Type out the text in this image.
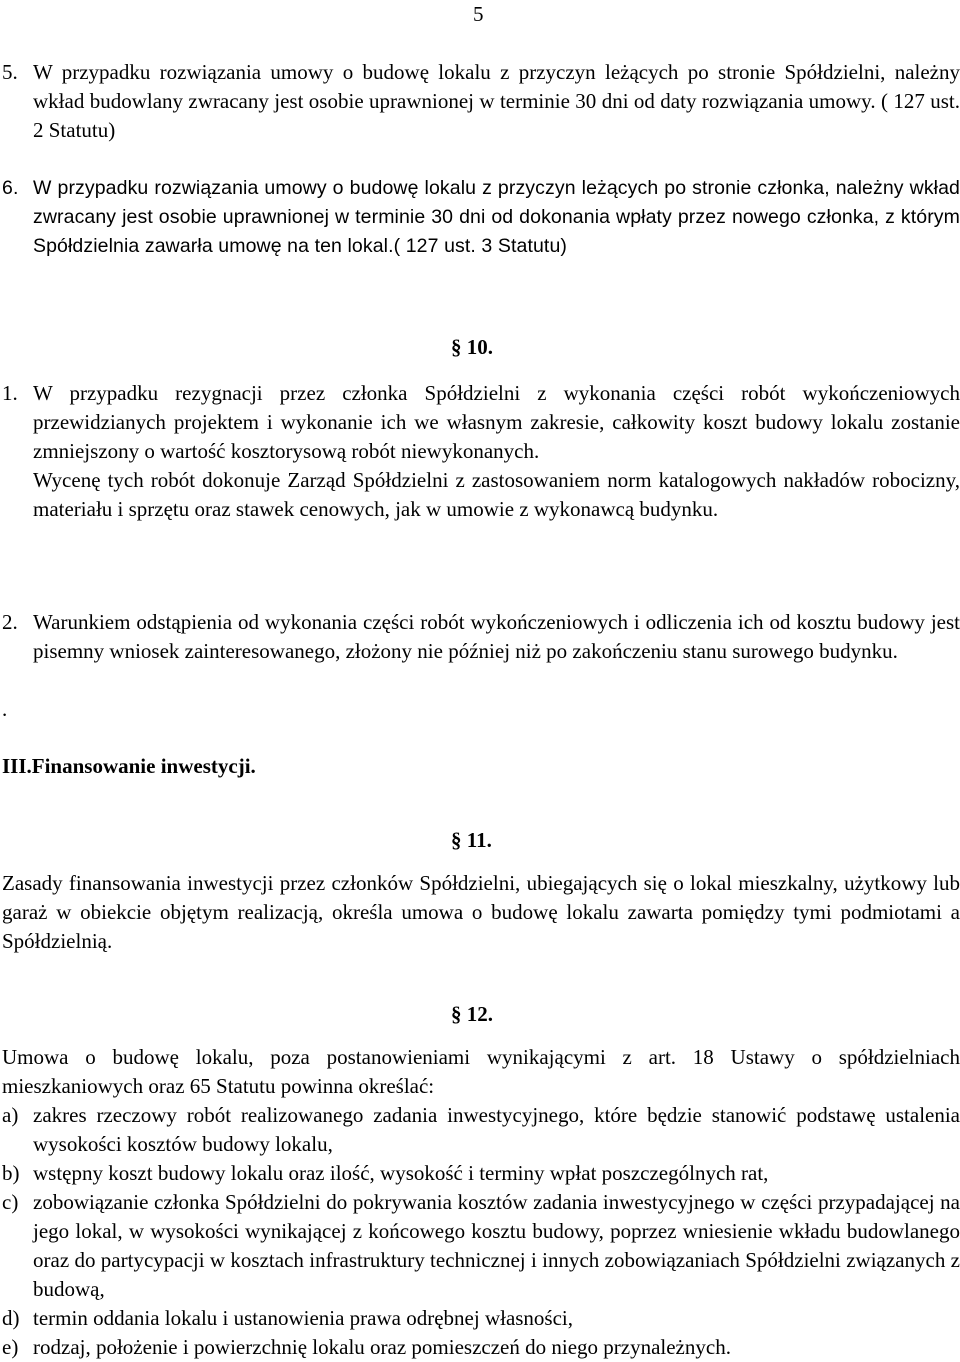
5
5. W przypadku rozwiązania umowy o budowę lokalu z przyczyn leżących po stronie Spółdzielni, należny wkład budowlany zwracany jest osobie uprawnionej w terminie 30 dni od daty rozwiązania umowy. ( 127 ust. 2 Statutu)
6. W przypadku rozwiązania umowy o budowę lokalu z przyczyn leżących po stronie członka, należny wkład zwracany jest osobie uprawnionej w terminie 30 dni od dokonania wpłaty przez nowego członka, z którym Spółdzielnia zawarła umowę na ten lokal.( 127 ust. 3 Statutu)
§ 10.
1. W przypadku rezygnacji przez członka Spółdzielni z wykonania części robót wykończeniowych przewidzianych projektem i wykonanie ich we własnym zakresie, całkowity koszt budowy lokalu zostanie zmniejszony o wartość kosztorysową robót niewykonanych.
Wycenę tych robót dokonuje Zarząd Spółdzielni z zastosowaniem norm katalogowych nakładów robocizny, materiału i sprzętu oraz stawek cenowych, jak w umowie z wykonawcą budynku.
2. Warunkiem odstąpienia od wykonania części robót wykończeniowych i odliczenia ich od kosztu budowy jest pisemny wniosek zainteresowanego, złożony nie później niż po zakończeniu stanu surowego budynku.
.
III.Finansowanie inwestycji.
§ 11.
Zasady finansowania inwestycji przez członków Spółdzielni, ubiegających się o lokal mieszkalny, użytkowy lub garaż w obiekcie objętym realizacją, określa umowa o budowę lokalu zawarta pomiędzy tymi podmiotami a Spółdzielnią.
§ 12.
Umowa o budowę lokalu, poza postanowieniami wynikającymi z art. 18 Ustawy o spółdzielniach mieszkaniowych oraz 65 Statutu powinna określać:
a) zakres rzeczowy robót realizowanego zadania inwestycyjnego, które będzie stanowić podstawę ustalenia wysokości kosztów budowy lokalu,
b) wstępny koszt budowy lokalu oraz ilość, wysokość i terminy wpłat poszczególnych rat,
c) zobowiązanie członka Spółdzielni do pokrywania kosztów zadania inwestycyjnego w części przypadającej na jego lokal, w wysokości wynikającej z końcowego kosztu budowy, poprzez wniesienie wkładu budowlanego oraz do partycypacji w kosztach infrastruktury technicznej i innych zobowiązaniach Spółdzielni związanych z budową,
d) termin oddania lokalu i ustanowienia prawa odrębnej własności,
e) rodzaj, położenie i powierzchnię lokalu oraz pomieszczeń do niego przynależnych.
